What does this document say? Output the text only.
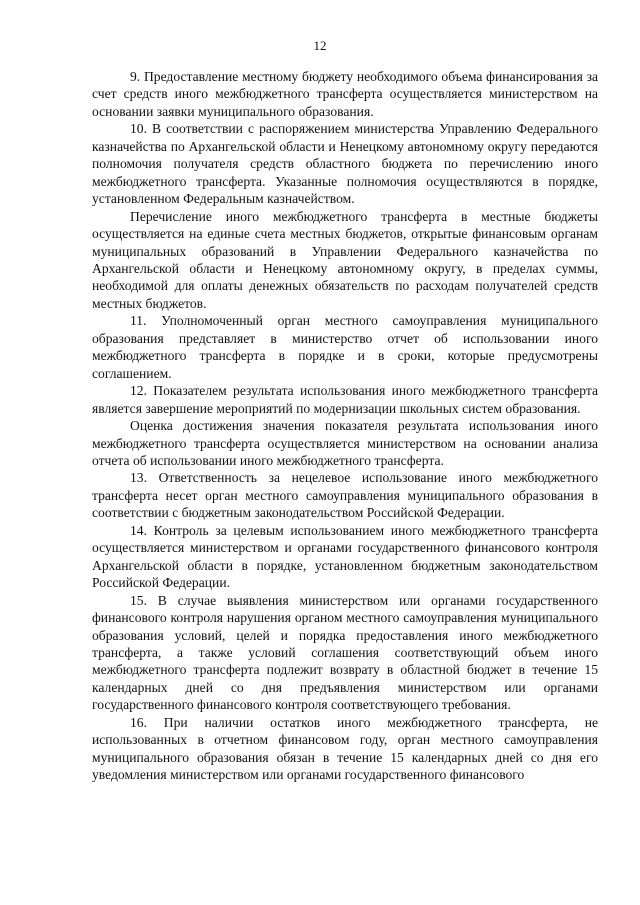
12

9. Предоставление местному бюджету необходимого объема финансирования за счет средств иного межбюджетного трансферта осуществляется министерством на основании заявки муниципального образования.

10. В соответствии с распоряжением министерства Управлению Федерального казначейства по Архангельской области и Ненецкому автономному округу передаются полномочия получателя средств областного бюджета по перечислению иного межбюджетного трансферта. Указанные полномочия осуществляются в порядке, установленном Федеральным казначейством.

Перечисление иного межбюджетного трансферта в местные бюджеты осуществляется на единые счета местных бюджетов, открытые финансовым органам муниципальных образований в Управлении Федерального казначейства по Архангельской области и Ненецкому автономному округу, в пределах суммы, необходимой для оплаты денежных обязательств по расходам получателей средств местных бюджетов.

11. Уполномоченный орган местного самоуправления муниципального образования представляет в министерство отчет об использовании иного межбюджетного трансферта в порядке и в сроки, которые предусмотрены соглашением.

12. Показателем результата использования иного межбюджетного трансферта является завершение мероприятий по модернизации школьных систем образования.

Оценка достижения значения показателя результата использования иного межбюджетного трансферта осуществляется министерством на основании анализа отчета об использовании иного межбюджетного трансферта.

13. Ответственность за нецелевое использование иного межбюджетного трансферта несет орган местного самоуправления муниципального образования в соответствии с бюджетным законодательством Российской Федерации.

14. Контроль за целевым использованием иного межбюджетного трансферта осуществляется министерством и органами государственного финансового контроля Архангельской области в порядке, установленном бюджетным законодательством Российской Федерации.

15. В случае выявления министерством или органами государственного финансового контроля нарушения органом местного самоуправления муниципального образования условий, целей и порядка предоставления иного межбюджетного трансферта, а также условий соглашения соответствующий объем иного межбюджетного трансферта подлежит возврату в областной бюджет в течение 15 календарных дней со дня предъявления министерством или органами государственного финансового контроля соответствующего требования.

16. При наличии остатков иного межбюджетного трансферта, не использованных в отчетном финансовом году, орган местного самоуправления муниципального образования обязан в течение 15 календарных дней со дня его уведомления министерством или органами государственного финансового
